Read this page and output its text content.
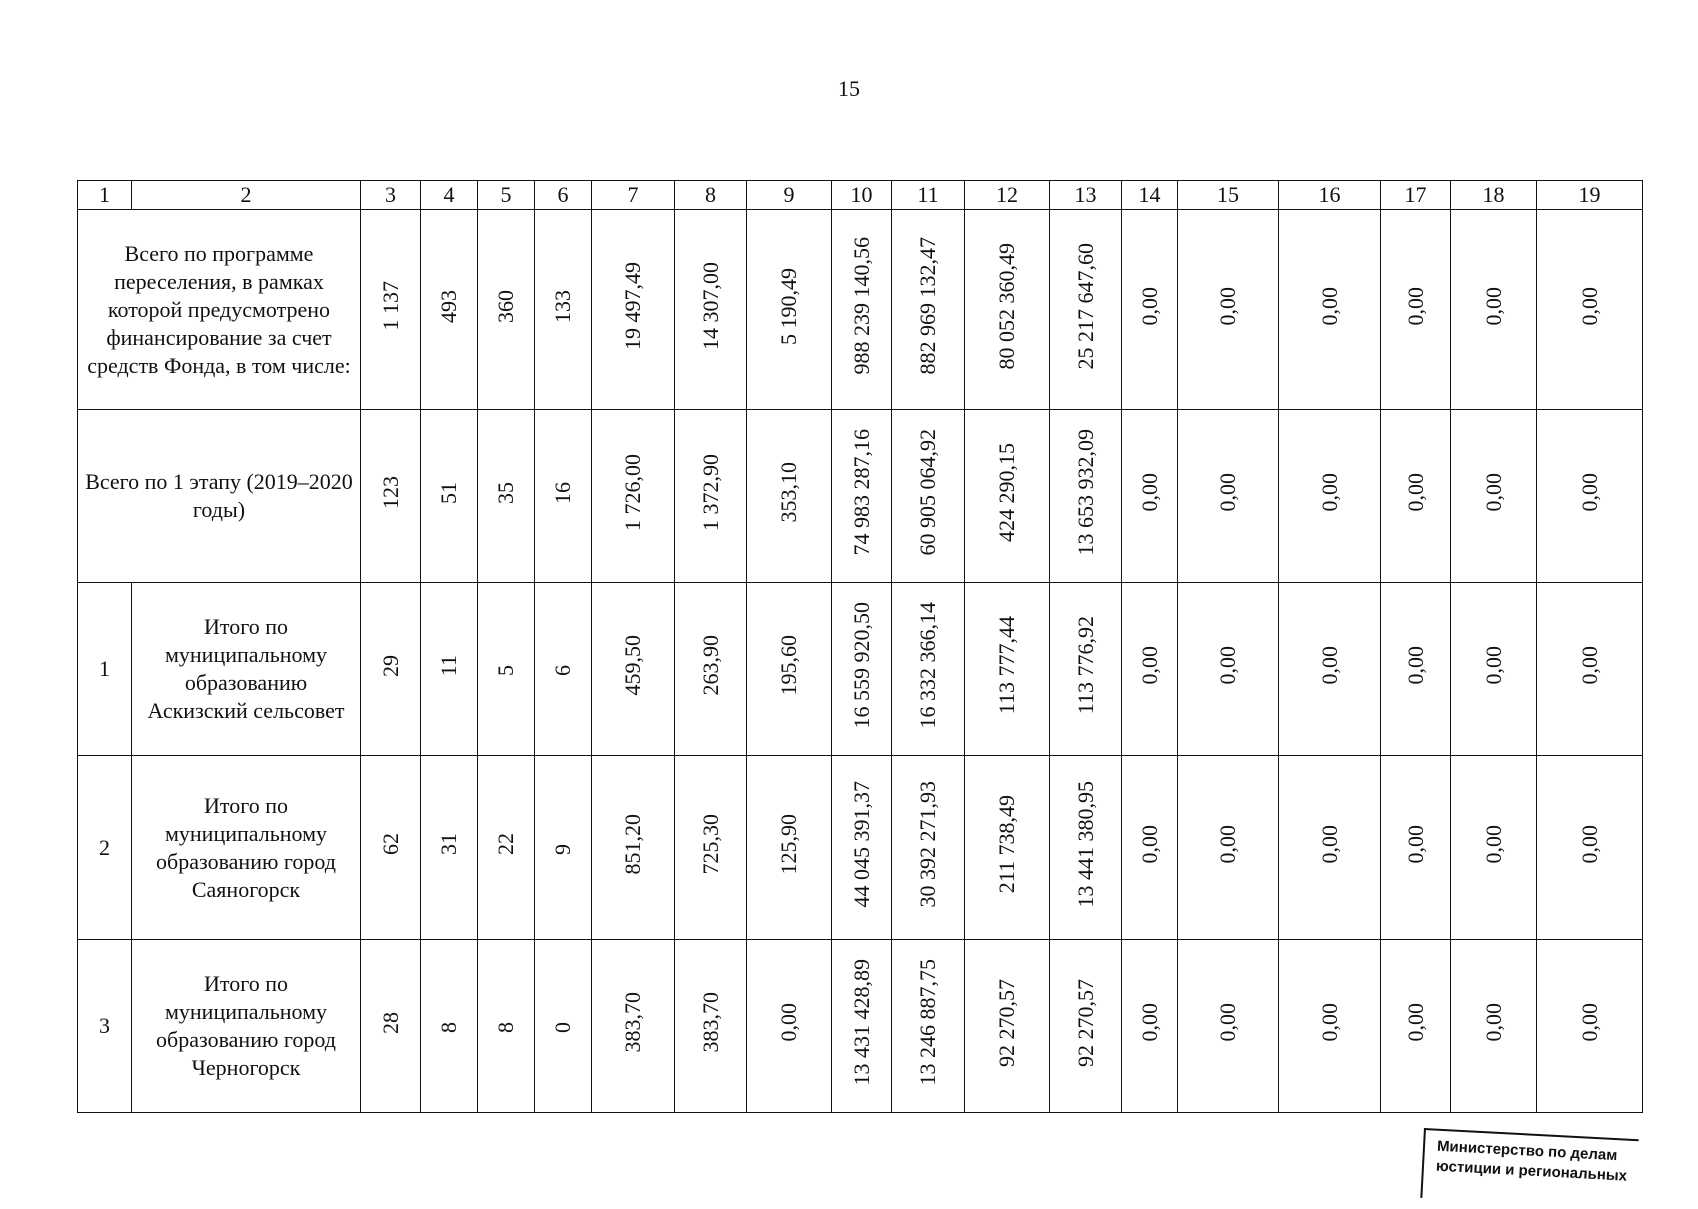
15
1	2	3	4	5	6	7	8	9	10	11	12	13	14	15	16	17	18	19
Всего по программе переселения, в рамках которой предусмотрено финансирование за счет средств Фонда, в том числе:		1 137	493	360	133	19 497,49	14 307,00	5 190,49	988 239 140,56	882 969 132,47	80 052 360,49	25 217 647,60	0,00	0,00	0,00	0,00	0,00	0,00
Всего по 1 этапу (2019–2020 годы)		123	51	35	16	1 726,00	1 372,90	353,10	74 983 287,16	60 905 064,92	424 290,15	13 653 932,09	0,00	0,00	0,00	0,00	0,00	0,00
1	Итого по муниципальному образованию Аскизский сельсовет	29	11	5	6	459,50	263,90	195,60	16 559 920,50	16 332 366,14	113 777,44	113 776,92	0,00	0,00	0,00	0,00	0,00	0,00
2	Итого по муниципальному образованию город Саяногорск	62	31	22	9	851,20	725,30	125,90	44 045 391,37	30 392 271,93	211 738,49	13 441 380,95	0,00	0,00	0,00	0,00	0,00	0,00
3	Итого по муниципальному образованию город Черногорск	28	8	8	0	383,70	383,70	0,00	13 431 428,89	13 246 887,75	92 270,57	92 270,57	0,00	0,00	0,00	0,00	0,00	0,00
Министерство по делам
юстиции и региональных
